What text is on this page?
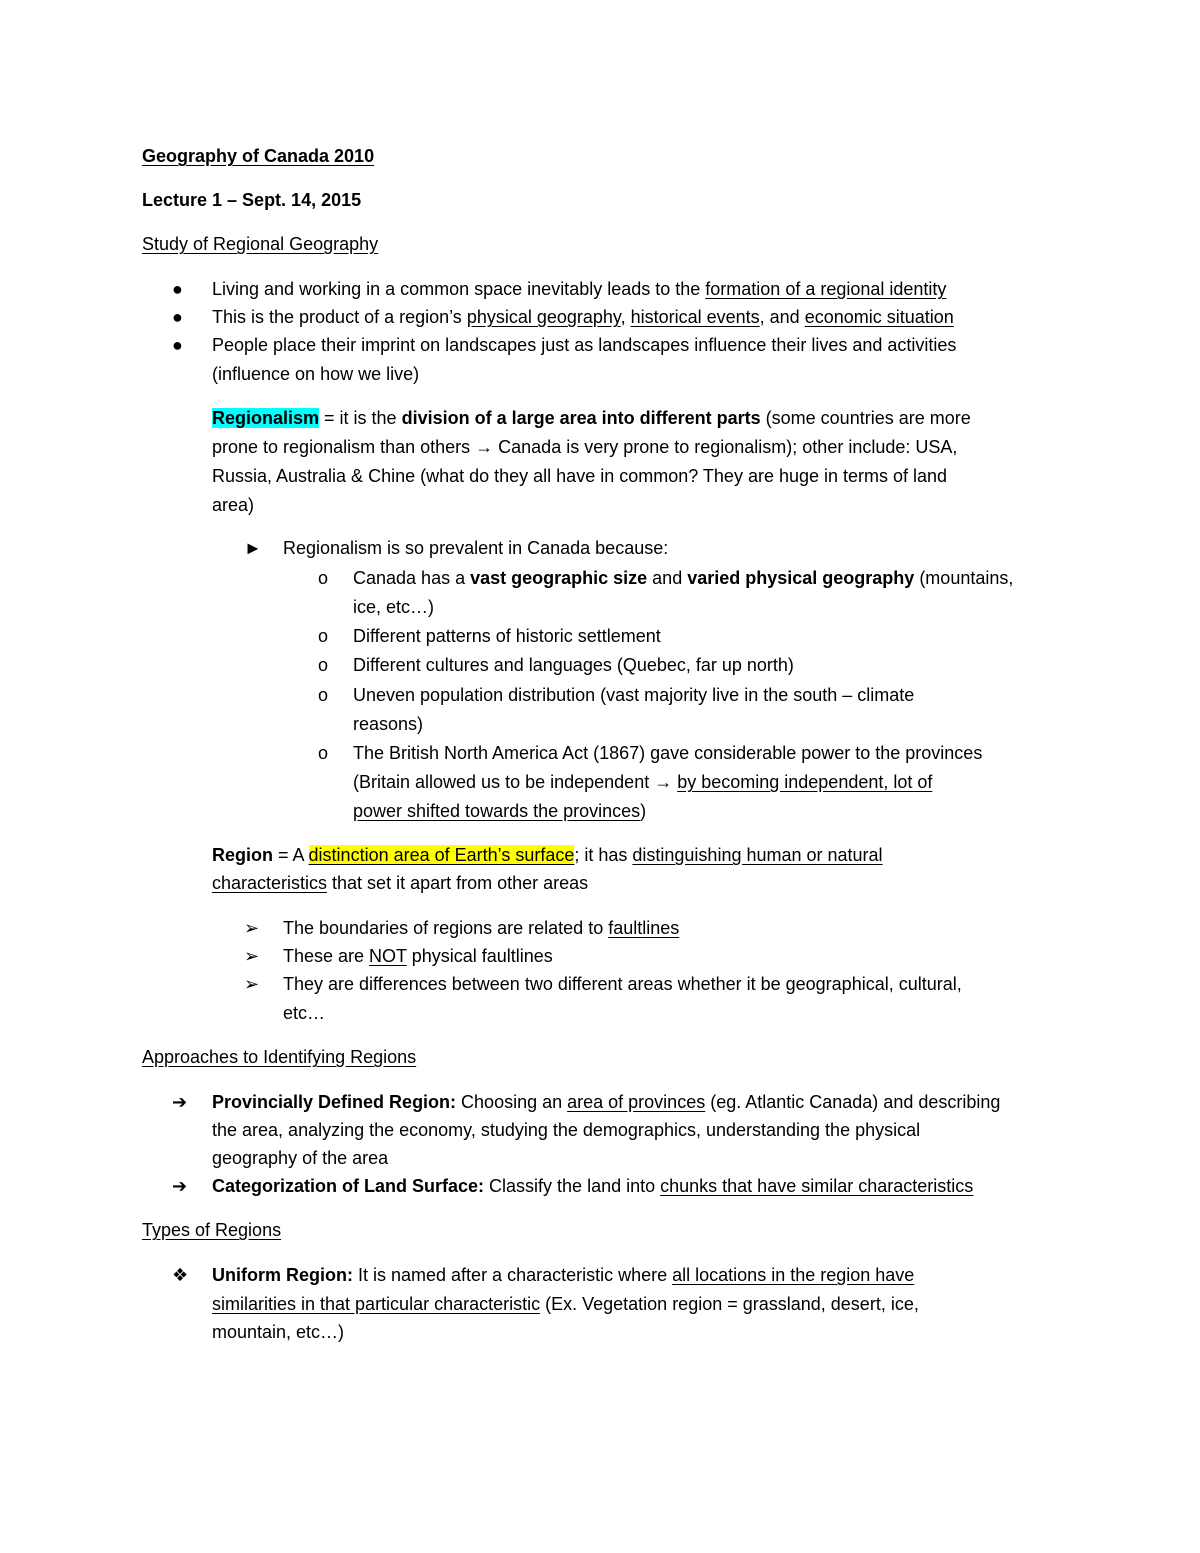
Geography of Canada 2010
Lecture 1 – Sept. 14, 2015
Study of Regional Geography
● Living and working in a common space inevitably leads to the formation of a regional identity
● This is the product of a region’s physical geography, historical events, and economic situation
● People place their imprint on landscapes just as landscapes influence their lives and activities
(influence on how we live)
Regionalism = it is the division of a large area into different parts (some countries are more
prone to regionalism than others → Canada is very prone to regionalism); other include: USA,
Russia, Australia & Chine (what do they all have in common? They are huge in terms of land
area)
► Regionalism is so prevalent in Canada because:
o Canada has a vast geographic size and varied physical geography (mountains,
ice, etc…)
o Different patterns of historic settlement
o Different cultures and languages (Quebec, far up north)
o Uneven population distribution (vast majority live in the south – climate
reasons)
o The British North America Act (1867) gave considerable power to the provinces
(Britain allowed us to be independent → by becoming independent, lot of
power shifted towards the provinces)
Region = A distinction area of Earth’s surface; it has distinguishing human or natural
characteristics that set it apart from other areas
➢ The boundaries of regions are related to faultlines
➢ These are NOT physical faultlines
➢ They are differences between two different areas whether it be geographical, cultural,
etc…
Approaches to Identifying Regions
➔ Provincially Defined Region: Choosing an area of provinces (eg. Atlantic Canada) and describing
the area, analyzing the economy, studying the demographics, understanding the physical
geography of the area
➔ Categorization of Land Surface: Classify the land into chunks that have similar characteristics
Types of Regions
❖ Uniform Region: It is named after a characteristic where all locations in the region have
similarities in that particular characteristic (Ex. Vegetation region = grassland, desert, ice,
mountain, etc…)
